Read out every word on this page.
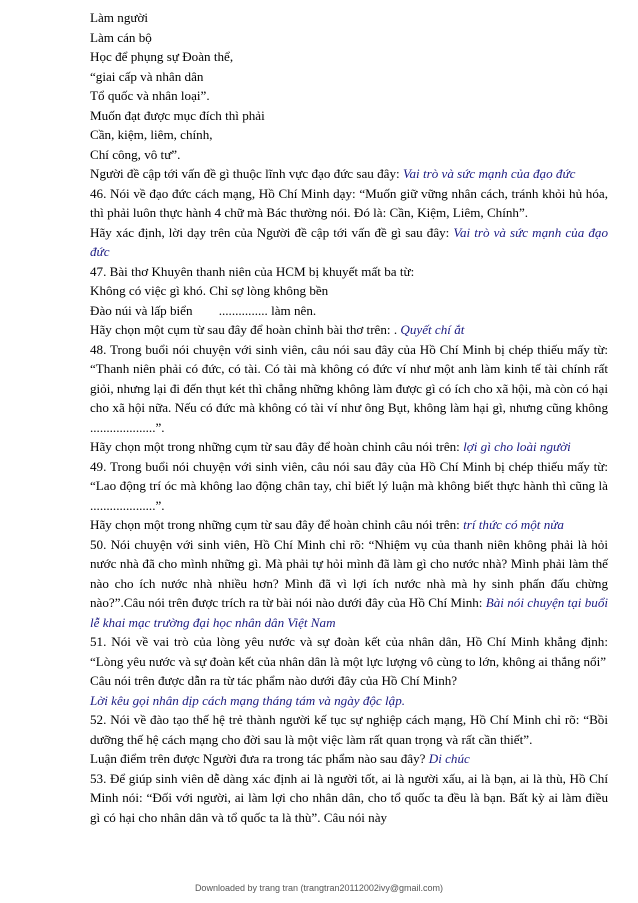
Làm người

Làm cán bộ

Học để phụng sự Đoàn thể,

“giai cấp và nhân dân

Tổ quốc và nhân loại”.

Muốn đạt được mục đích thì phải

Cần, kiệm, liêm, chính,

Chí công, vô tư”.

Người đề cập tới vấn đề gì thuộc lĩnh vực đạo đức sau đây: Vai trò và sức mạnh của đạo đức

46. Nói về đạo đức cách mạng, Hồ Chí Minh dạy: “Muốn giữ vững nhân cách, tránh khỏi hủ hóa, thì phải luôn thực hành 4 chữ mà Bác thường nói. Đó là: Cần, Kiệm, Liêm, Chính”.

Hãy xác định, lời dạy trên của Người đề cập tới vấn đề gì sau đây: Vai trò và sức mạnh của đạo đức

47. Bài thơ Khuyên thanh niên của HCM bị khuyết mất ba từ:

Không có việc gì khó. Chỉ sợ lòng không bền

Đào núi và lấp biển        ............... làm nên.

Hãy chọn một cụm từ sau đây để hoàn chỉnh bài thơ trên: . Quyết chí ắt

48. Trong buổi nói chuyện với sinh viên, câu nói sau đây của Hồ Chí Minh bị chép thiếu mấy từ: “Thanh niên phải có đức, có tài. Có tài mà không có đức ví như một anh làm kinh tế tài chính rất giỏi, nhưng lại đi đến thụt két thì chẳng những không làm được gì có ích cho xã hội, mà còn có hại cho xã hội nữa. Nếu có đức mà không có tài ví như ông Bụt, không làm hại gì, nhưng cũng không ....................”.

Hãy chọn một trong những cụm từ sau đây để hoàn chỉnh câu nói trên: lợi gì cho loài người

49. Trong buổi nói chuyện với sinh viên, câu nói sau đây của Hồ Chí Minh bị chép thiếu mấy từ: “Lao động trí óc mà không lao động chân tay, chỉ biết lý luận mà không biết thực hành thì cũng là ....................”.

Hãy chọn một trong những cụm từ sau đây để hoàn chỉnh câu nói trên: trí thức có một nửa

50. Nói chuyện với sinh viên, Hồ Chí Minh chỉ rõ: “Nhiệm vụ của thanh niên không phải là hỏi nước nhà đã cho mình những gì. Mà phải tự hỏi mình đã làm gì cho nước nhà? Mình phải làm thế nào cho ích nước nhà nhiều hơn? Mình đã vì lợi ích nước nhà mà hy sinh phấn đấu chừng nào?”.Câu nói trên được trích ra từ bài nói nào dưới đây của Hồ Chí Minh: Bài nói chuyện tại buổi lễ khai mạc trường đại học nhân dân Việt Nam

51. Nói về vai trò của lòng yêu nước và sự đoàn kết của nhân dân, Hồ Chí Minh khẳng định: “Lòng yêu nước và sự đoàn kết của nhân dân là một lực lượng vô cùng to lớn, không ai thắng nổi”

Câu nói trên được dẫn ra từ tác phẩm nào dưới đây của Hồ Chí Minh?

Lời kêu gọi nhân dịp cách mạng tháng tám và ngày độc lập.

52. Nói về đào tạo thế hệ trẻ thành người kế tục sự nghiệp cách mạng, Hồ Chí Minh chỉ rõ: “Bồi dưỡng thế hệ cách mạng cho đời sau là một việc làm rất quan trọng và rất cần thiết”.

Luận điểm trên được Người đưa ra trong tác phẩm nào sau đây? Di chúc

53. Để giúp sinh viên dễ dàng xác định ai là người tốt, ai là người xấu, ai là bạn, ai là thù, Hồ Chí Minh nói: “Đối với người, ai làm lợi cho nhân dân, cho tổ quốc ta đều là bạn. Bất kỳ ai làm điều gì có hại cho nhân dân và tổ quốc ta là thù”. Câu nói này

Downloaded by trang tran (trangtran20112002ivy@gmail.com)
